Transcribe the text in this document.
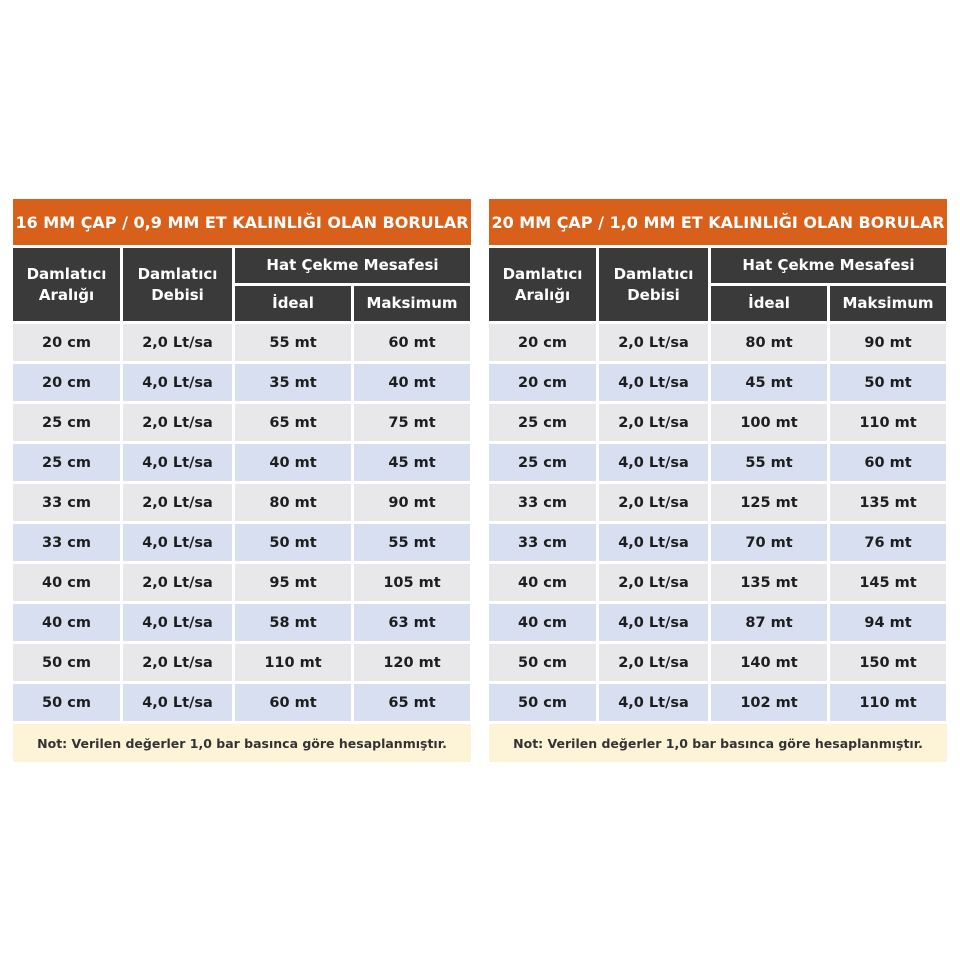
16 MM ÇAP / 0,9 MM ET KALINLIĞI OLAN BORULAR
Damlatıcı
Aralığı
Damlatıcı
Debisi
Hat Çekme Mesafesi
İdeal	Maksimum
20 cm	2,0 Lt/sa	55 mt	60 mt
20 cm	4,0 Lt/sa	35 mt	40 mt
25 cm	2,0 Lt/sa	65 mt	75 mt
25 cm	4,0 Lt/sa	40 mt	45 mt
33 cm	2,0 Lt/sa	80 mt	90 mt
33 cm	4,0 Lt/sa	50 mt	55 mt
40 cm	2,0 Lt/sa	95 mt	105 mt
40 cm	4,0 Lt/sa	58 mt	63 mt
50 cm	2,0 Lt/sa	110 mt	120 mt
50 cm	4,0 Lt/sa	60 mt	65 mt
Not: Verilen değerler 1,0 bar basınca göre hesaplanmıştır.
20 MM ÇAP / 1,0 MM ET KALINLIĞI OLAN BORULAR
Damlatıcı
Aralığı
Damlatıcı
Debisi
Hat Çekme Mesafesi
İdeal	Maksimum
20 cm	2,0 Lt/sa	80 mt	90 mt
20 cm	4,0 Lt/sa	45 mt	50 mt
25 cm	2,0 Lt/sa	100 mt	110 mt
25 cm	4,0 Lt/sa	55 mt	60 mt
33 cm	2,0 Lt/sa	125 mt	135 mt
33 cm	4,0 Lt/sa	70 mt	76 mt
40 cm	2,0 Lt/sa	135 mt	145 mt
40 cm	4,0 Lt/sa	87 mt	94 mt
50 cm	2,0 Lt/sa	140 mt	150 mt
50 cm	4,0 Lt/sa	102 mt	110 mt
Not: Verilen değerler 1,0 bar basınca göre hesaplanmıştır.
